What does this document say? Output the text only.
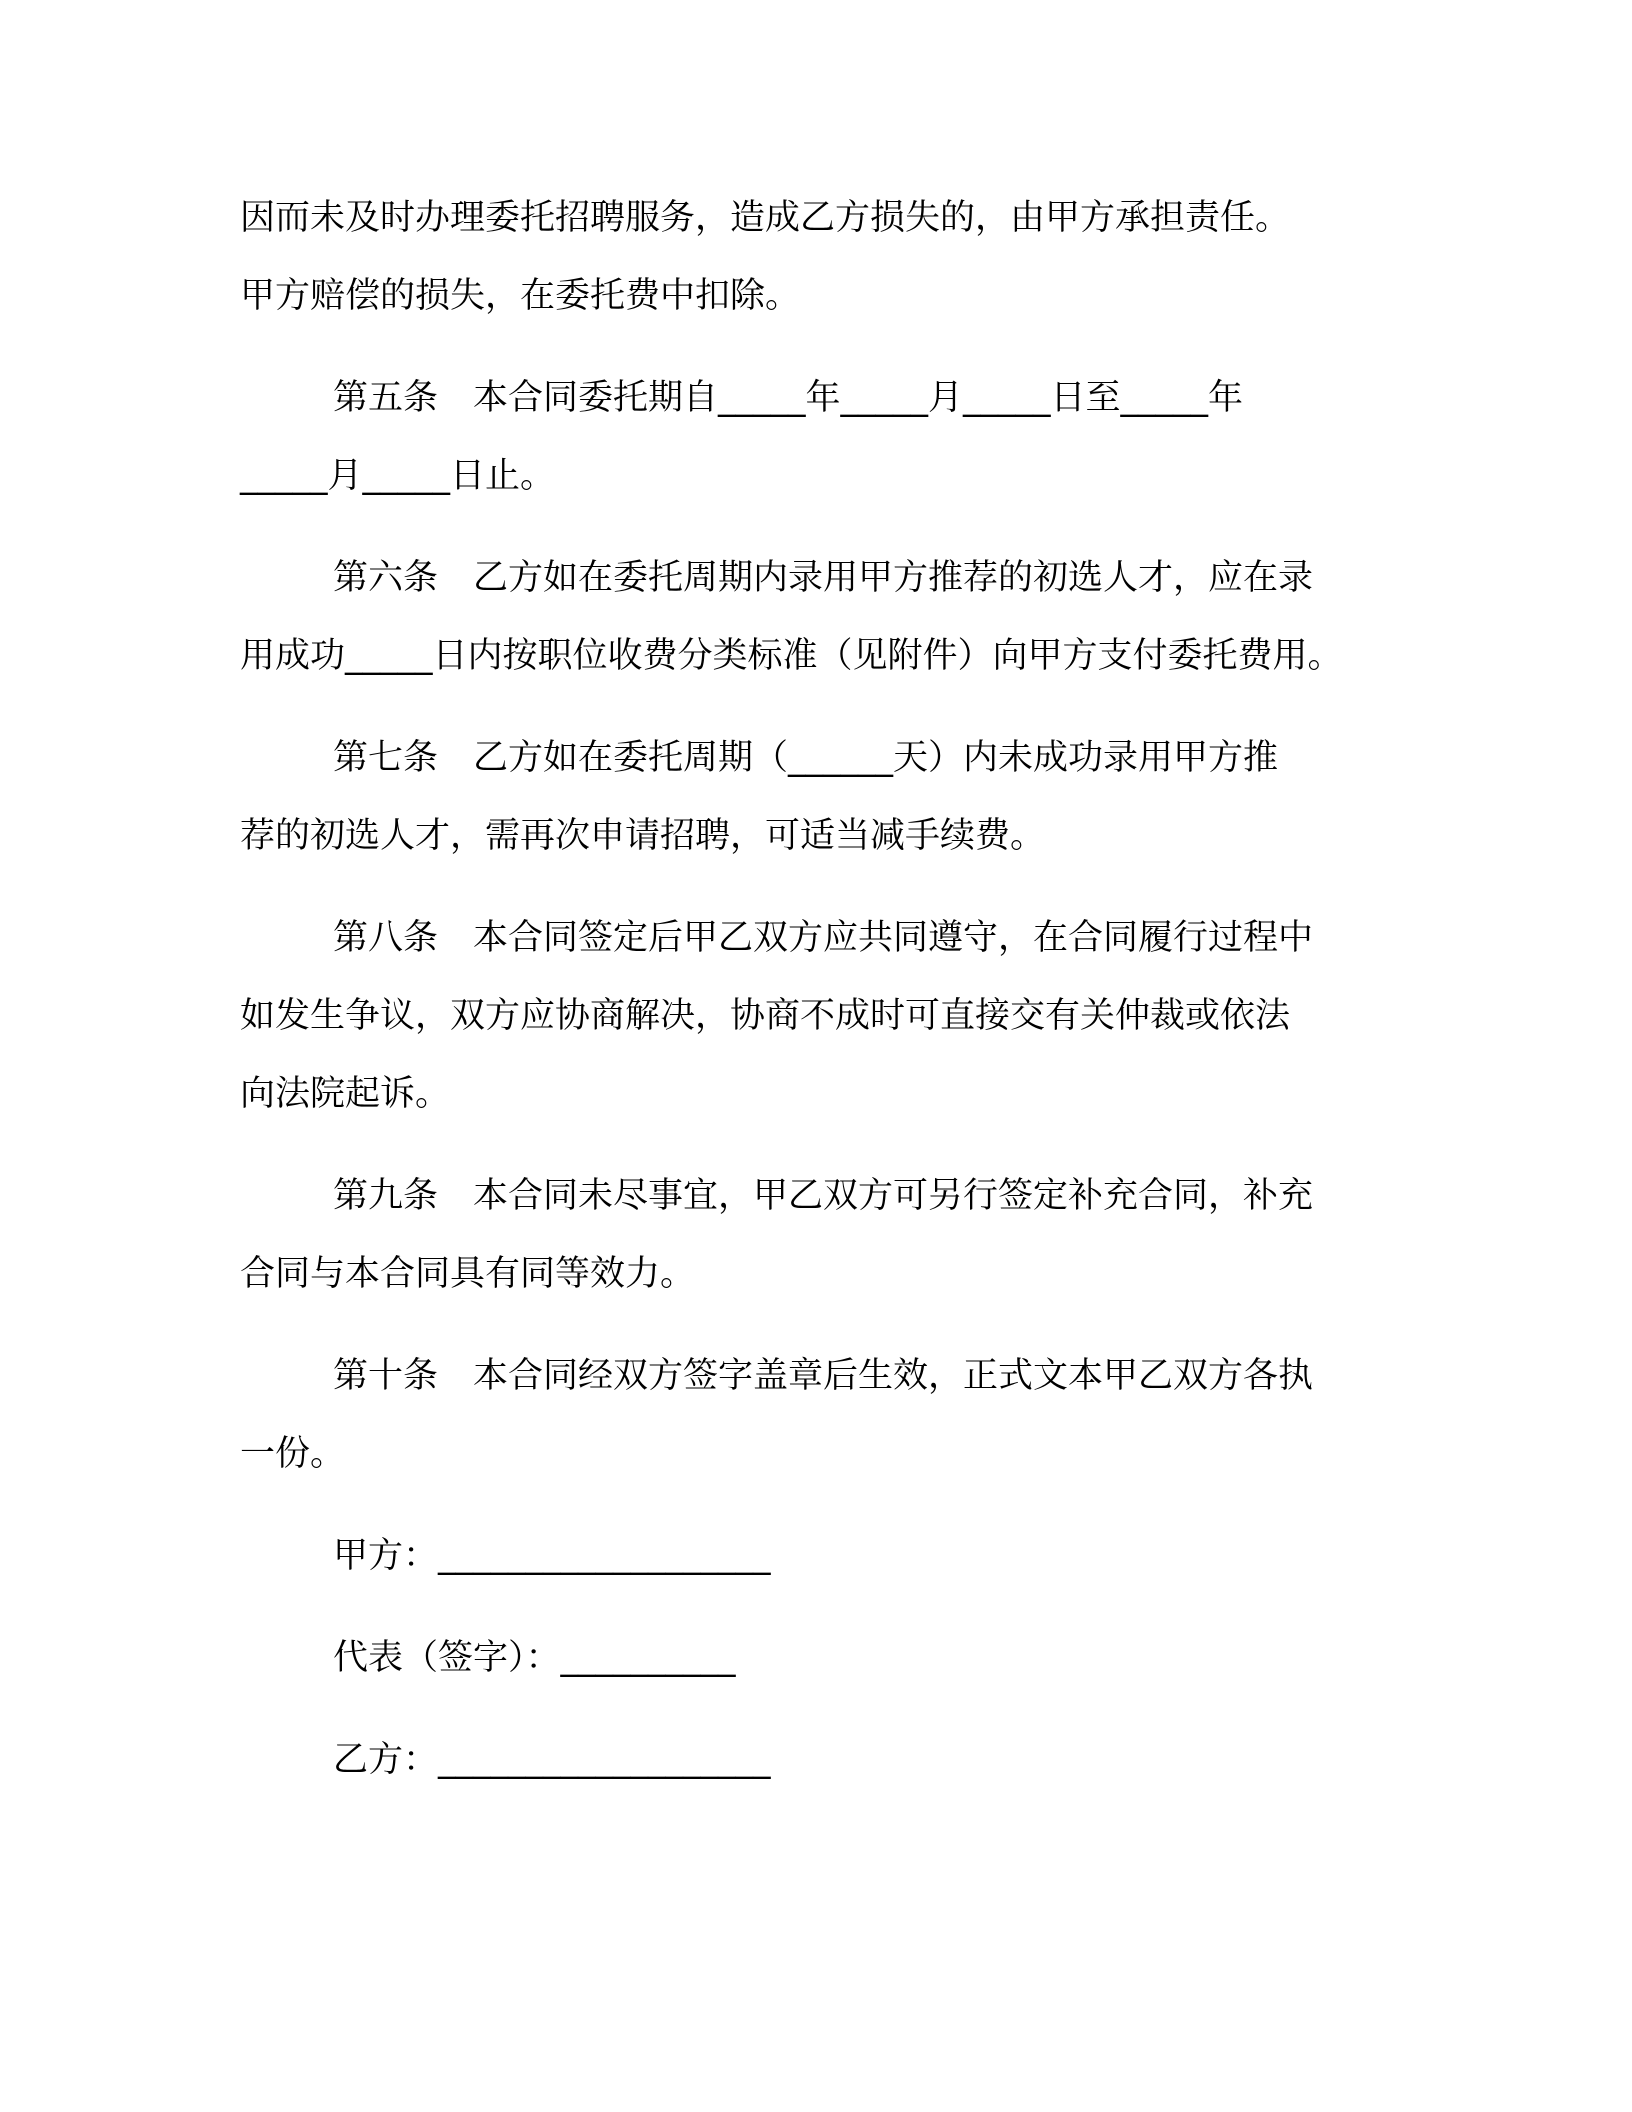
因而未及时办理委托招聘服务，造成乙方损失的，由甲方承担责任。
甲方赔偿的损失，在委托费中扣除。
第五条　本合同委托期自_____年_____月_____日至_____年
_____月_____日止。
第六条　乙方如在委托周期内录用甲方推荐的初选人才，应在录
用成功_____日内按职位收费分类标准（见附件）向甲方支付委托费用。
第七条　乙方如在委托周期（______天）内未成功录用甲方推
荐的初选人才，需再次申请招聘，可适当减手续费。
第八条　本合同签定后甲乙双方应共同遵守，在合同履行过程中
如发生争议，双方应协商解决，协商不成时可直接交有关仲裁或依法
向法院起诉。
第九条　本合同未尽事宜，甲乙双方可另行签定补充合同，补充
合同与本合同具有同等效力。
第十条　本合同经双方签字盖章后生效，正式文本甲乙双方各执
一份。
甲方：___________________
代表（签字）：__________
乙方：___________________
